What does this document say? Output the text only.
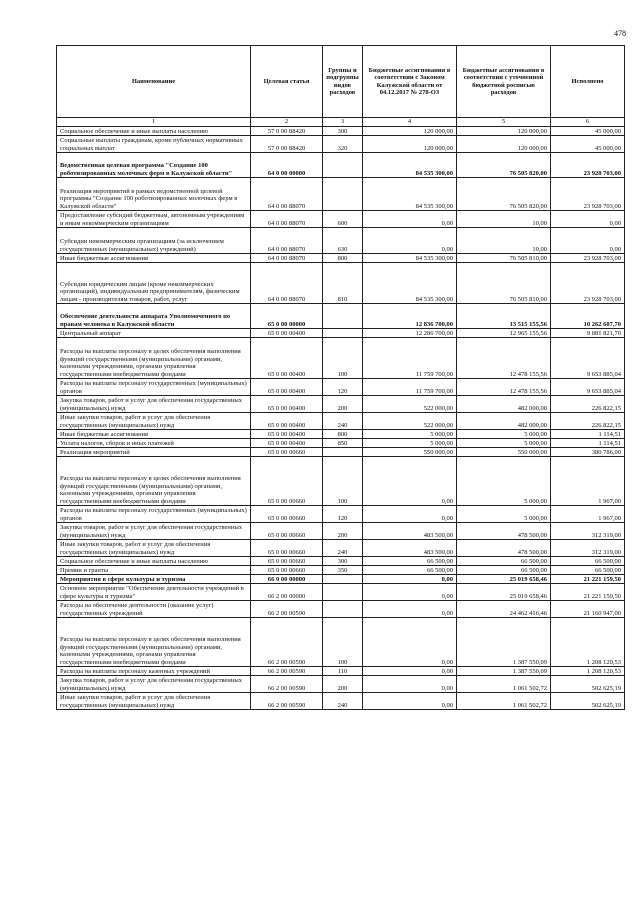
478
Наименование	Целевая статья	Группы и подгруппы видов расходов	Бюджетные ассигнования в соответствии с Законом Калужской области от 04.12.2017 № 278-ОЗ	Бюджетные ассигнования в соответствии с уточненной бюджетной росписью расходов	Исполнено
1	2	3	4	5	6
Социальное обеспечение и иные выплаты населению	57 0 00 88420	300	120 000,00	120 000,00	45 000,00
Социальные выплаты гражданам, кроме публичных нормативных социальных выплат	57 0 00 88420	320	120 000,00	120 000,00	45 000,00
Ведомственная целевая программа "Создание 100 роботизированных молочных ферм в Калужской области"	64 0 00 00000		84 535 300,00	76 505 820,00	23 928 703,00
Реализация мероприятий в рамках ведомственной целевой программы "Создание 100 роботизированных молочных ферм в Калужской области"	64 0 00 88070		84 535 300,00	76 505 820,00	23 928 703,00
Предоставление субсидий бюджетным, автономным учреждениям и иным некоммерческим организациям	64 0 00 88070	600	0,00	10,00	0,00
Субсидии некоммерческим организациям (за исключением государственных (муниципальных) учреждений)	64 0 00 88070	630	0,00	10,00	0,00
Иные бюджетные ассигнования	64 0 00 88070	800	84 535 300,00	76 505 810,00	23 928 703,00
Субсидии юридическим лицам (кроме некоммерческих организаций), индивидуальным предпринимателям, физическим лицам - производителям товаров, работ, услуг	64 0 00 88070	810	84 535 300,00	76 505 810,00	23 928 703,00
Обеспечение деятельности аппарата Уполномоченного по правам человека в Калужской области	65 0 00 00000		12 836 700,00	13 515 155,56	10 262 607,70
Центральный аппарат	65 0 00 00400		12 286 700,00	12 965 155,56	9 881 821,70
Расходы на выплаты персоналу в целях обеспечения выполнения функций государственными (муниципальными) органами, казенными учреждениями, органами управления государственными внебюджетными фондами	65 0 00 00400	100	11 759 700,00	12 478 155,56	9 653 885,04
Расходы на выплаты персоналу государственных (муниципальных) органов	65 0 00 00400	120	11 759 700,00	12 478 155,56	9 653 885,04
Закупка товаров, работ и услуг для обеспечения государственных (муниципальных) нужд	65 0 00 00400	200	522 000,00	482 000,00	226 822,15
Иные закупки товаров, работ и услуг для обеспечения государственных (муниципальных) нужд	65 0 00 00400	240	522 000,00	482 000,00	226 822,15
Иные бюджетные ассигнования	65 0 00 00400	800	5 000,00	5 000,00	1 114,51
Уплата налогов, сборов и иных платежей	65 0 00 00400	850	5 000,00	5 000,00	1 114,51
Реализация мероприятий	65 0 00 00660		550 000,00	550 000,00	380 786,00
Расходы на выплаты персоналу в целях обеспечения выполнения функций государственными (муниципальными) органами, казенными учреждениями, органами управления государственными внебюджетными фондами	65 0 00 00660	100	0,00	5 000,00	1 967,00
Расходы на выплаты персоналу государственных (муниципальных) органов	65 0 00 00660	120	0,00	5 000,00	1 967,00
Закупка товаров, работ и услуг для обеспечения государственных (муниципальных) нужд	65 0 00 00660	200	483 500,00	478 500,00	312 319,00
Иные закупки товаров, работ и услуг для обеспечения государственных (муниципальных) нужд	65 0 00 00660	240	483 500,00	478 500,00	312 319,00
Социальное обеспечение и иные выплаты населению	65 0 00 00660	300	66 500,00	66 500,00	66 500,00
Премии и гранты	65 0 00 00660	350	66 500,00	66 500,00	66 500,00
Мероприятия в сфере культуры и туризма	66 0 00 00000		0,00	25 019 658,46	21 221 159,50
Основное мероприятие "Обеспечение деятельности учреждений в сфере культуры и туризма"	66 2 00 00000		0,00	25 019 658,46	21 221 159,50
Расходы на обеспечение деятельности (оказание услуг) государственных учреждений	66 2 00 00590		0,00	24 462 416,46	21 160 947,00
Расходы на выплаты персоналу в целях обеспечения выполнения функций государственными (муниципальными) органами, казенными учреждениями, органами управления государственными внебюджетными фондами	66 2 00 00590	100	0,00	1 387 550,09	1 208 120,53
Расходы на выплаты персоналу казенных учреждений	66 2 00 00590	110	0,00	1 387 550,09	1 208 120,53
Закупка товаров, работ и услуг для обеспечения государственных (муниципальных) нужд	66 2 00 00590	200	0,00	1 061 502,72	502 625,19
Иные закупки товаров, работ и услуг для обеспечения государственных (муниципальных) нужд	66 2 00 00590	240	0,00	1 061 502,72	502 625,19
